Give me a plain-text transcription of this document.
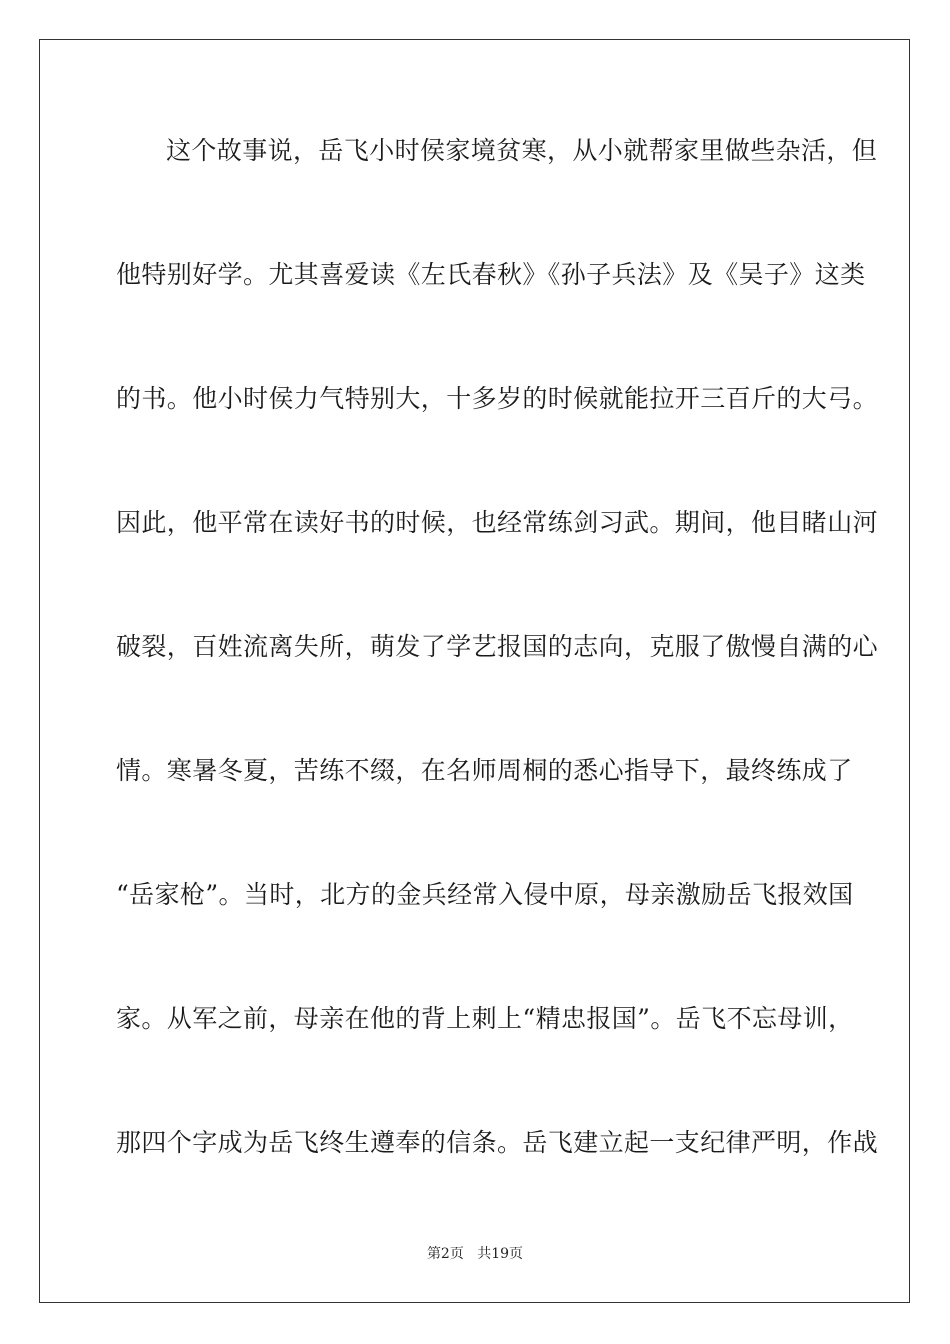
这个故事说，岳飞小时侯家境贫寒，从小就帮家里做些杂活，但

他特别好学。尤其喜爱读《左氏春秋》《孙子兵法》及《吴子》这类

的书。他小时侯力气特别大，十多岁的时候就能拉开三百斤的大弓。

因此，他平常在读好书的时候，也经常练剑习武。期间，他目睹山河

破裂，百姓流离失所，萌发了学艺报国的志向，克服了傲慢自满的心

情。寒暑冬夏，苦练不缀，在名师周桐的悉心指导下，最终练成了

“岳家枪”。当时，北方的金兵经常入侵中原，母亲激励岳飞报效国

家。从军之前，母亲在他的背上刺上“精忠报国”。岳飞不忘母训，

那四个字成为岳飞终生遵奉的信条。岳飞建立起一支纪律严明，作战

第2页 共19页
